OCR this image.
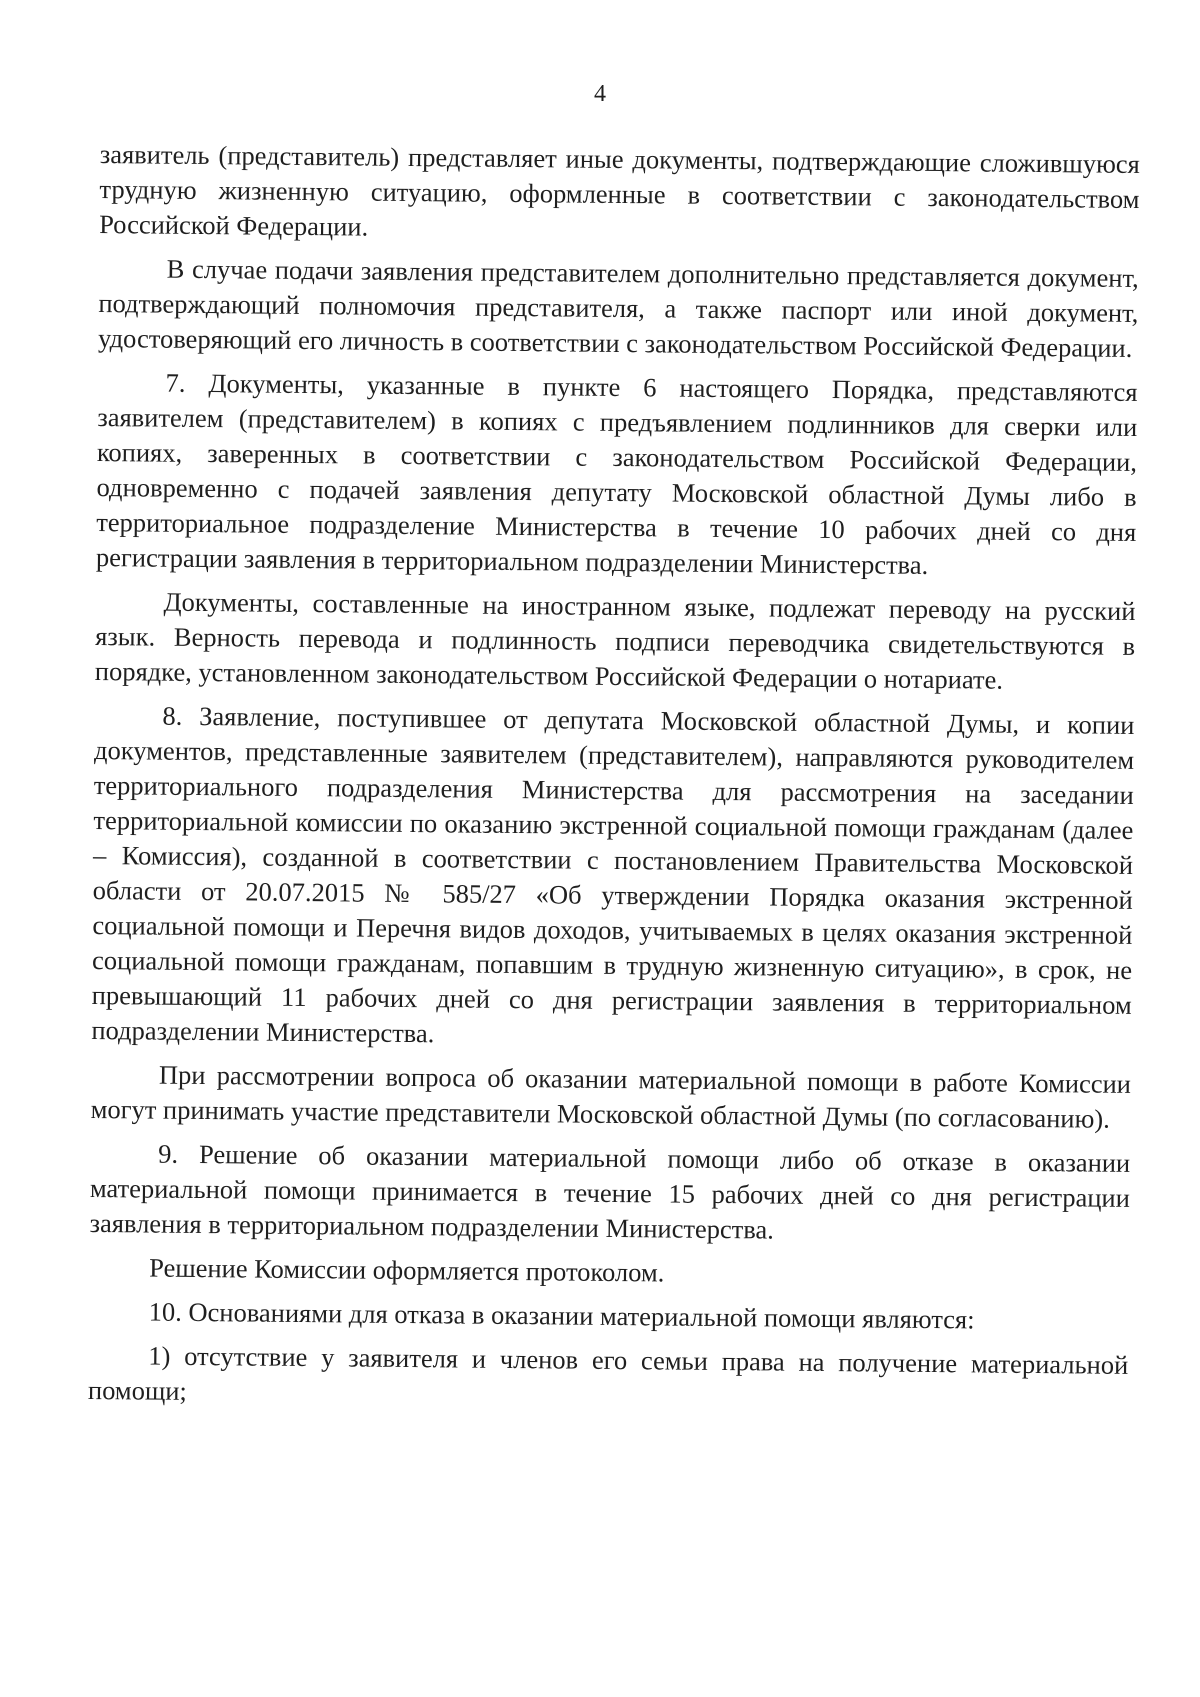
4

заявитель (представитель) представляет иные документы, подтверждающие сложившуюся трудную жизненную ситуацию, оформленные в соответствии с законодательством Российской Федерации.

В случае подачи заявления представителем дополнительно представляется документ, подтверждающий полномочия представителя, а также паспорт или иной документ, удостоверяющий его личность в соответствии с законодательством Российской Федерации.

7. Документы, указанные в пункте 6 настоящего Порядка, представляются заявителем (представителем) в копиях с предъявлением подлинников для сверки или копиях, заверенных в соответствии с законодательством Российской Федерации, одновременно с подачей заявления депутату Московской областной Думы либо в территориальное подразделение Министерства в течение 10 рабочих дней со дня регистрации заявления в территориальном подразделении Министерства.

Документы, составленные на иностранном языке, подлежат переводу на русский язык. Верность перевода и подлинность подписи переводчика свидетельствуются в порядке, установленном законодательством Российской Федерации о нотариате.

8. Заявление, поступившее от депутата Московской областной Думы, и копии документов, представленные заявителем (представителем), направляются руководителем территориального подразделения Министерства для рассмотрения на заседании территориальной комиссии по оказанию экстренной социальной помощи гражданам (далее – Комиссия), созданной в соответствии с постановлением Правительства Московской области от 20.07.2015 № 585/27 «Об утверждении Порядка оказания экстренной социальной помощи и Перечня видов доходов, учитываемых в целях оказания экстренной социальной помощи гражданам, попавшим в трудную жизненную ситуацию», в срок, не превышающий 11 рабочих дней со дня регистрации заявления в территориальном подразделении Министерства.

При рассмотрении вопроса об оказании материальной помощи в работе Комиссии могут принимать участие представители Московской областной Думы (по согласованию).

9. Решение об оказании материальной помощи либо об отказе в оказании материальной помощи принимается в течение 15 рабочих дней со дня регистрации заявления в территориальном подразделении Министерства.

Решение Комиссии оформляется протоколом.

10. Основаниями для отказа в оказании материальной помощи являются:

1) отсутствие у заявителя и членов его семьи права на получение материальной помощи;
